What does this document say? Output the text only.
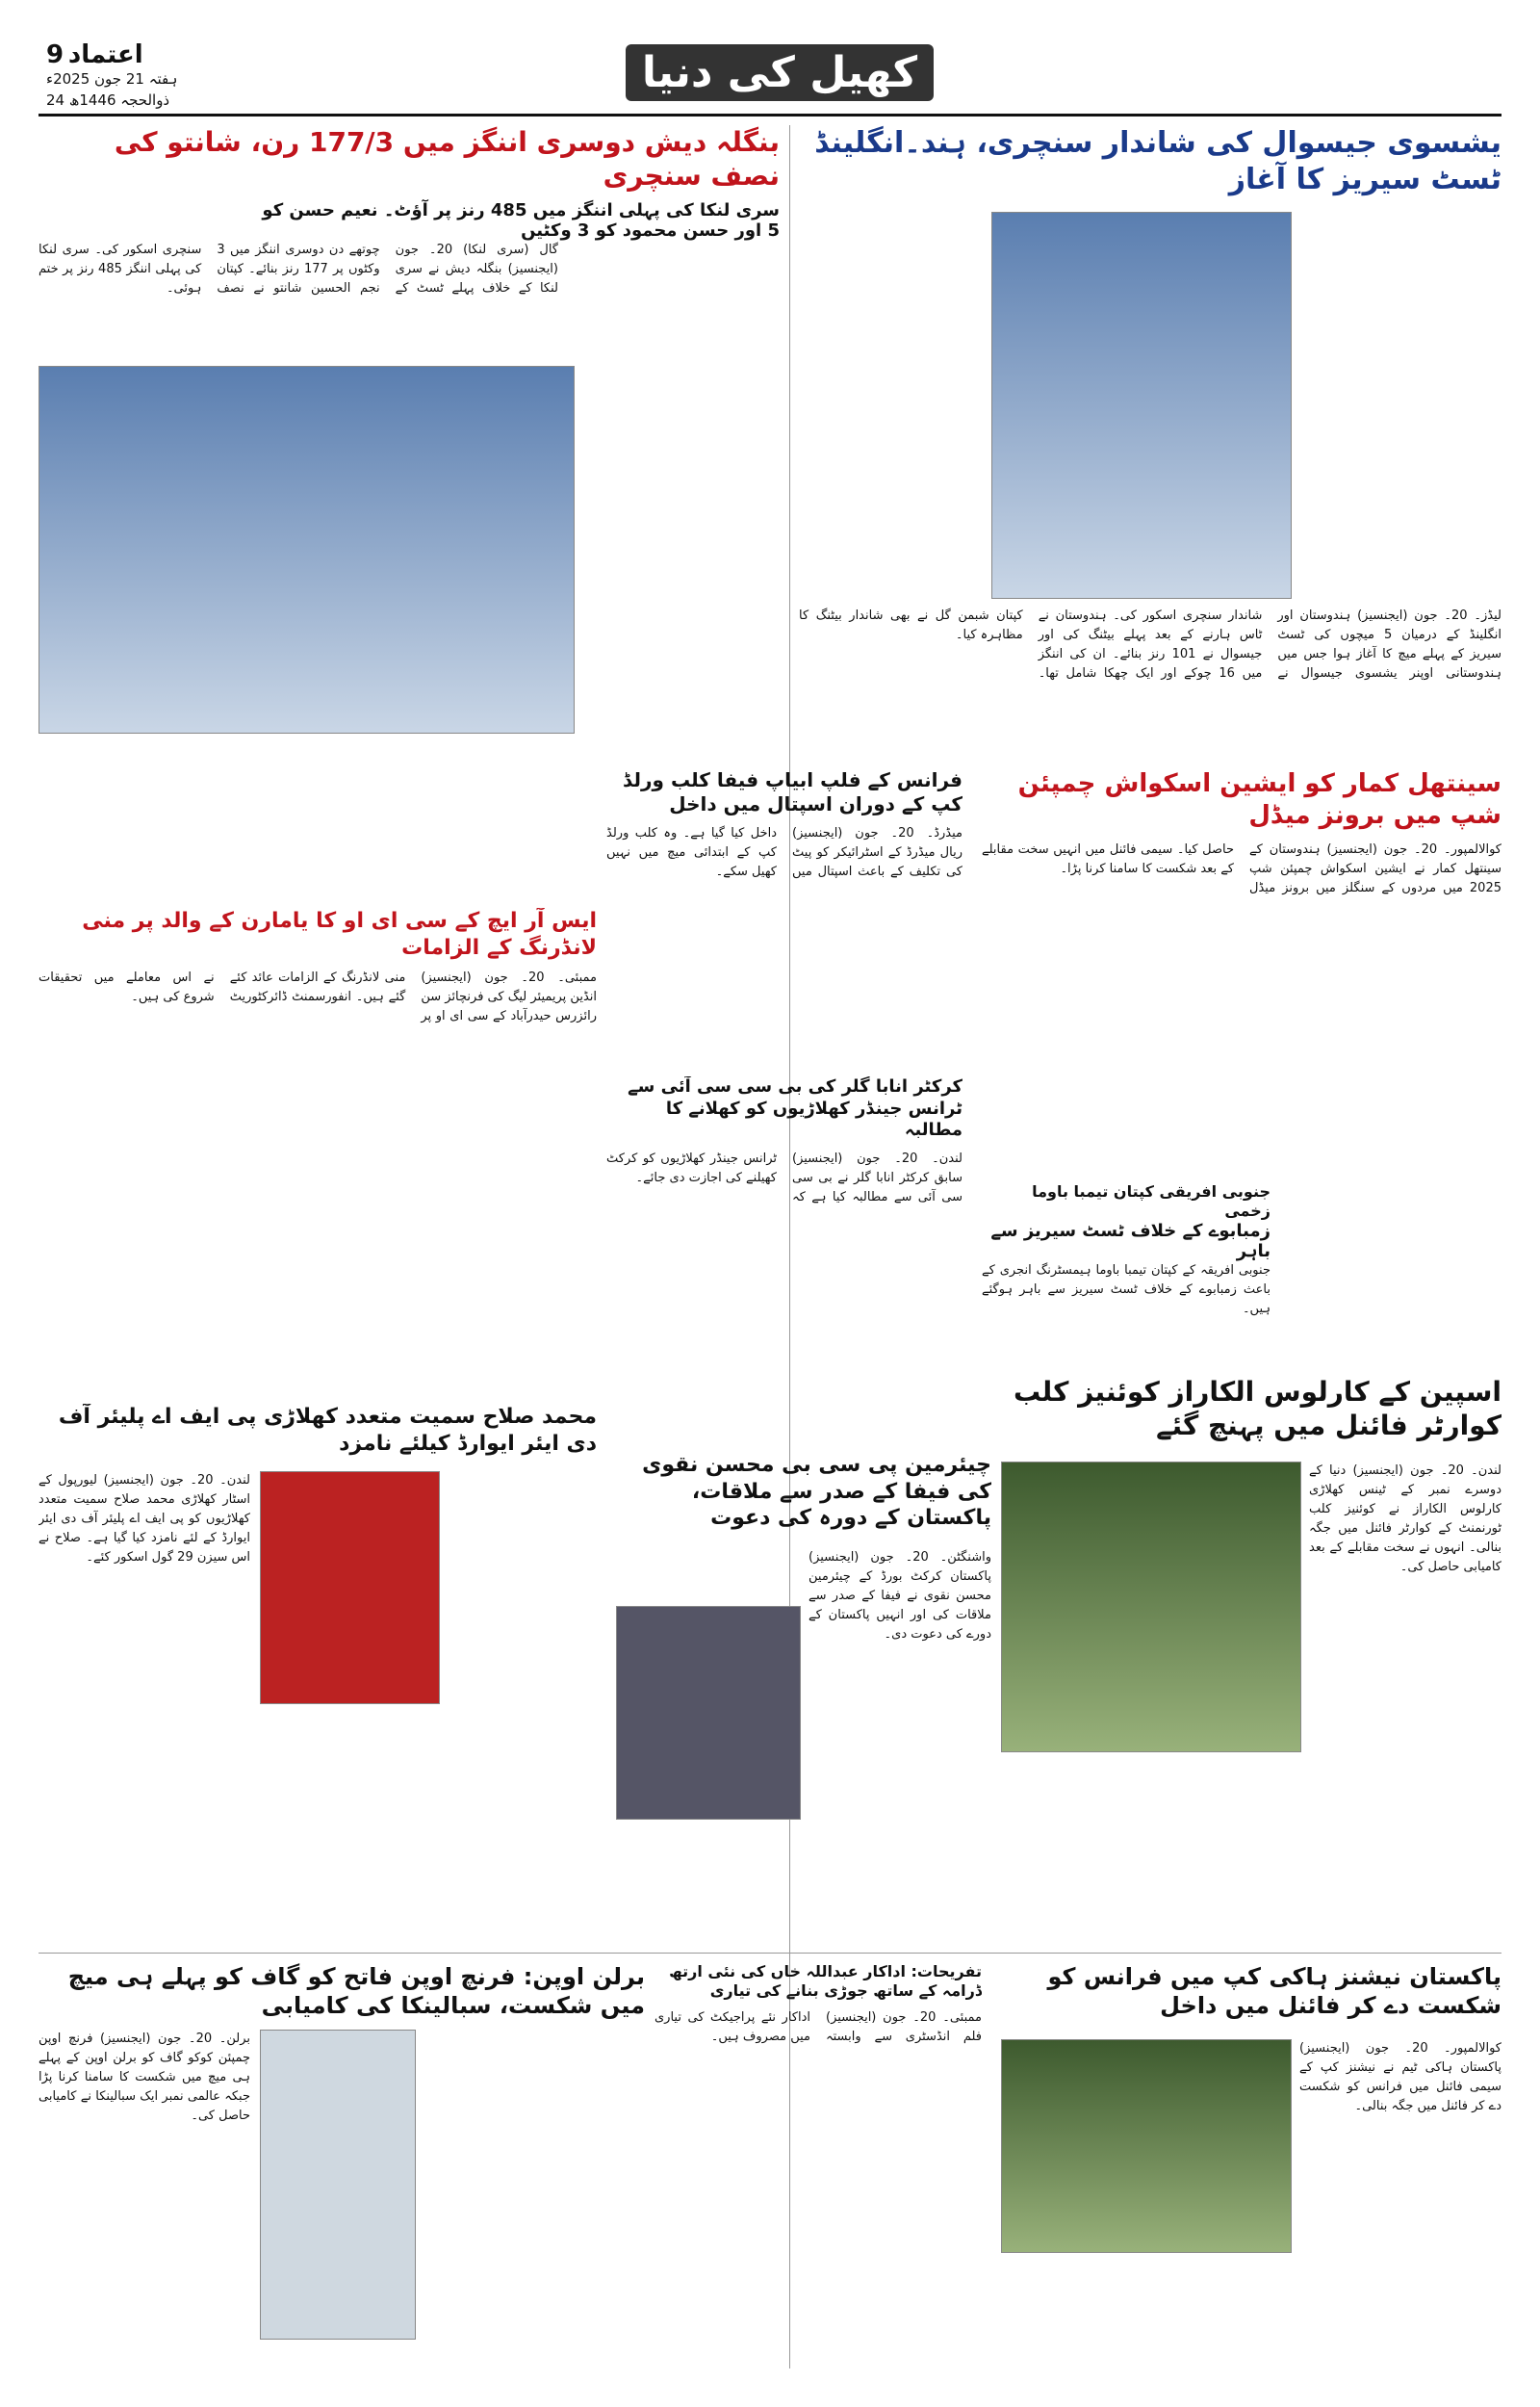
اعتماد 9
ہفتہ 21 جون 2025ء
24 ذوالحجہ 1446ھ
کھیل کی دنیا
یشسوی جیسوال کی شاندار سنچری، ہند۔انگلینڈ ٹسٹ سیریز کا آغاز
لیڈز۔ 20۔ جون (ایجنسیز) ہندوستان اور انگلینڈ کے درمیان 5 میچوں کی ٹسٹ سیریز کے پہلے میچ کا آغاز ہوا جس میں ہندوستانی اوپنر یشسوی جیسوال نے شاندار سنچری اسکور کی۔ ہندوستان نے ٹاس ہارنے کے بعد پہلے بیٹنگ کی اور جیسوال نے 101 رنز بنائے۔ ان کی اننگز میں 16 چوکے اور ایک چھکا شامل تھا۔ کپتان شبمن گل نے بھی شاندار بیٹنگ کا مظاہرہ کیا۔
بنگلہ دیش دوسری اننگز میں 177/3 رن، شانتو کی نصف سنچری
سری لنکا کی پہلی اننگز میں 485 رنز پر آؤٹ۔ نعیم حسن کو 5 اور حسن محمود کو 3 وکٹیں
گال (سری لنکا) 20۔ جون (ایجنسیز) بنگلہ دیش نے سری لنکا کے خلاف پہلے ٹسٹ کے چوتھے دن دوسری اننگز میں 3 وکٹوں پر 177 رنز بنائے۔ کپتان نجم الحسین شانتو نے نصف سنچری اسکور کی۔ سری لنکا کی پہلی اننگز 485 رنز پر ختم ہوئی۔
سینتھل کمار کو ایشین اسکواش چمپئن شپ میں برونز میڈل
کوالالمپور۔ 20۔ جون (ایجنسیز) ہندوستان کے سینتھل کمار نے ایشین اسکواش چمپئن شپ 2025 میں مردوں کے سنگلز میں برونز میڈل حاصل کیا۔ سیمی فائنل میں انہیں سخت مقابلے کے بعد شکست کا سامنا کرنا پڑا۔
فرانس کے فلپ ابیاپ فیفا کلب ورلڈ کپ کے دوران اسپتال میں داخل
میڈرڈ۔ 20۔ جون (ایجنسیز) ریال میڈرڈ کے اسٹرائیکر کو پیٹ کی تکلیف کے باعث اسپتال میں داخل کیا گیا ہے۔ وہ کلب ورلڈ کپ کے ابتدائی میچ میں نہیں کھیل سکے۔
جنوبی افریقی کپتان تیمبا باوما زخمی
زمبابوے کے خلاف ٹسٹ سیریز سے باہر
جنوبی افریقہ کے کپتان تیمبا باوما ہیمسٹرنگ انجری کے باعث زمبابوے کے خلاف ٹسٹ سیریز سے باہر ہوگئے ہیں۔
ایس آر ایچ کے سی ای او کا یامارن کے والد پر منی لانڈرنگ کے الزامات
ممبئی۔ 20۔ جون (ایجنسیز) انڈین پریمیئر لیگ کی فرنچائز سن رائزرس حیدرآباد کے سی ای او پر منی لانڈرنگ کے الزامات عائد کئے گئے ہیں۔ انفورسمنٹ ڈائرکٹوریٹ نے اس معاملے میں تحقیقات شروع کی ہیں۔
کرکٹر انابا گلر کی بی سی سی آئی سے ٹرانس جینڈر کھلاڑیوں کو کھلانے کا مطالبہ
لندن۔ 20۔ جون (ایجنسیز) سابق کرکٹر انابا گلر نے بی سی سی آئی سے مطالبہ کیا ہے کہ ٹرانس جینڈر کھلاڑیوں کو کرکٹ کھیلنے کی اجازت دی جائے۔
اسپین کے کارلوس الکاراز کوئنیز کلب کوارٹر فائنل میں پہنچ گئے
لندن۔ 20۔ جون (ایجنسیز) دنیا کے دوسرے نمبر کے ٹینس کھلاڑی کارلوس الکاراز نے کوئنیز کلب ٹورنمنٹ کے کوارٹر فائنل میں جگہ بنالی۔ انہوں نے سخت مقابلے کے بعد کامیابی حاصل کی۔
محمد صلاح سمیت متعدد کھلاڑی پی ایف اے پلیئر آف دی ایئر ایوارڈ کیلئے نامزد
لندن۔ 20۔ جون (ایجنسیز) لیورپول کے اسٹار کھلاڑی محمد صلاح سمیت متعدد کھلاڑیوں کو پی ایف اے پلیئر آف دی ایئر ایوارڈ کے لئے نامزد کیا گیا ہے۔ صلاح نے اس سیزن 29 گول اسکور کئے۔
چیئرمین پی سی بی محسن نقوی کی فیفا کے صدر سے ملاقات، پاکستان کے دورہ کی دعوت
واشنگٹن۔ 20۔ جون (ایجنسیز) پاکستان کرکٹ بورڈ کے چیئرمین محسن نقوی نے فیفا کے صدر سے ملاقات کی اور انہیں پاکستان کے دورے کی دعوت دی۔
پاکستان نیشنز ہاکی کپ میں فرانس کو شکست دے کر فائنل میں داخل
کوالالمپور۔ 20۔ جون (ایجنسیز) پاکستان ہاکی ٹیم نے نیشنز کپ کے سیمی فائنل میں فرانس کو شکست دے کر فائنل میں جگہ بنالی۔
تفریحات: اداکار عبداللہ خاں کی نئی ارتھ ڈرامہ کے ساتھ جوڑی بنانے کی تیاری
ممبئی۔ 20۔ جون (ایجنسیز) فلم انڈسٹری سے وابستہ اداکار نئے پراجیکٹ کی تیاری میں مصروف ہیں۔
برلن اوپن: فرنچ اوپن فاتح کو گاف کو پہلے ہی میچ میں شکست، سبالینکا کی کامیابی
برلن۔ 20۔ جون (ایجنسیز) فرنچ اوپن چمپئن کوکو گاف کو برلن اوپن کے پہلے ہی میچ میں شکست کا سامنا کرنا پڑا جبکہ عالمی نمبر ایک سبالینکا نے کامیابی حاصل کی۔
